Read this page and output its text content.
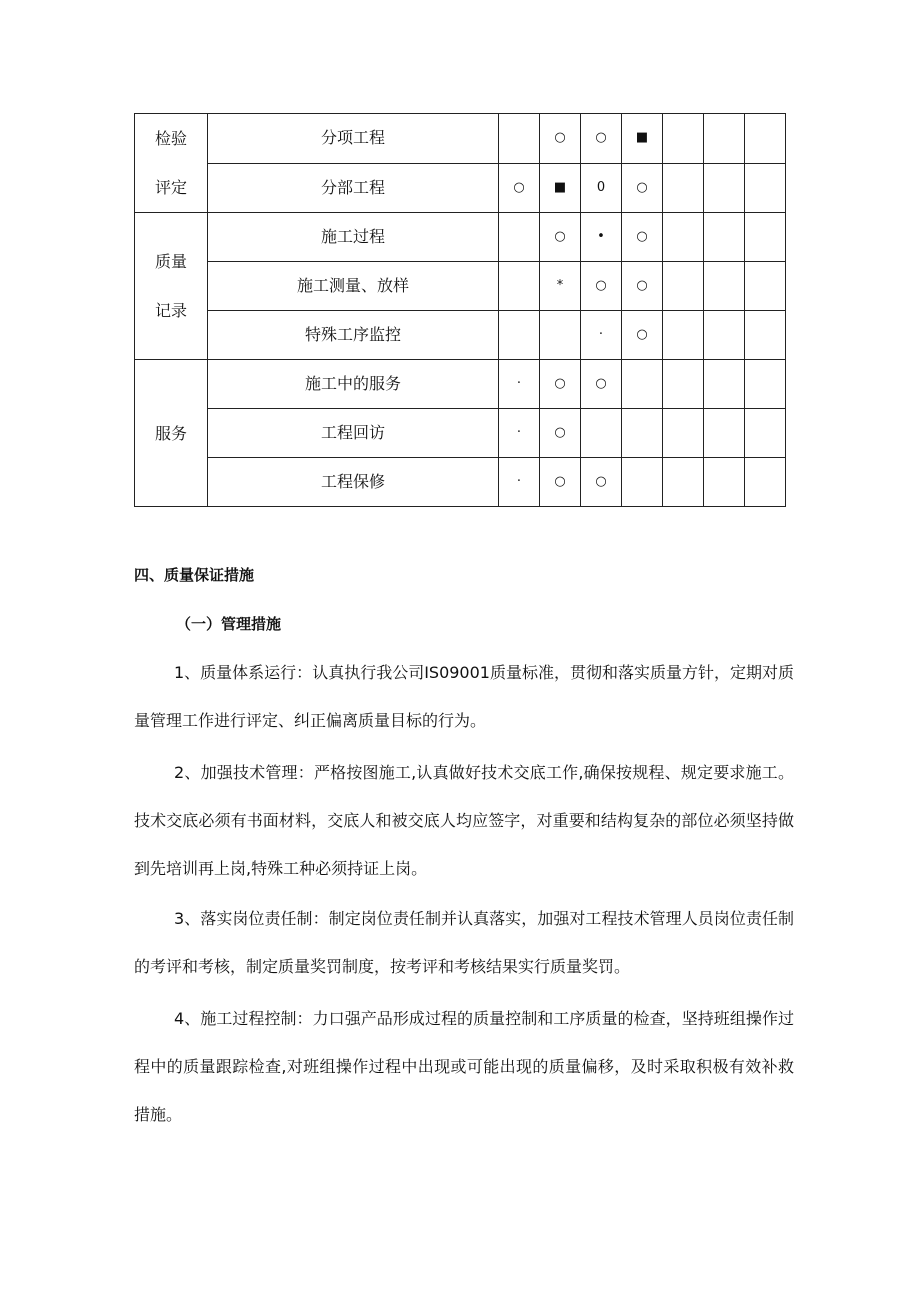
检验
评定	分项工程		○	○	■			
	分部工程	○	■	0	○			

质量
记录	施工过程		○	•	○			
	施工测量、放样		*	○	○			
	特殊工序监控			·	○			

服务	施工中的服务	·	○	○				
	工程回访	·	○					
	工程保修	·	○	○				
四、质量保证措施
（一）管理措施

1、质量体系运行：认真执行我公司IS09001质量标准，贯彻和落实质量方针，定期对质量管理工作进行评定、纠正偏离质量目标的行为。

2、加强技术管理：严格按图施工,认真做好技术交底工作,确保按规程、规定要求施工。技术交底必须有书面材料，交底人和被交底人均应签字，对重要和结构复杂的部位必须坚持做到先培训再上岗,特殊工种必须持证上岗。

3、落实岗位责任制：制定岗位责任制并认真落实，加强对工程技术管理人员岗位责任制的考评和考核，制定质量奖罚制度，按考评和考核结果实行质量奖罚。

4、施工过程控制：力口强产品形成过程的质量控制和工序质量的检查，坚持班组操作过程中的质量跟踪检查,对班组操作过程中出现或可能出现的质量偏移，及时采取积极有效补救措施。
